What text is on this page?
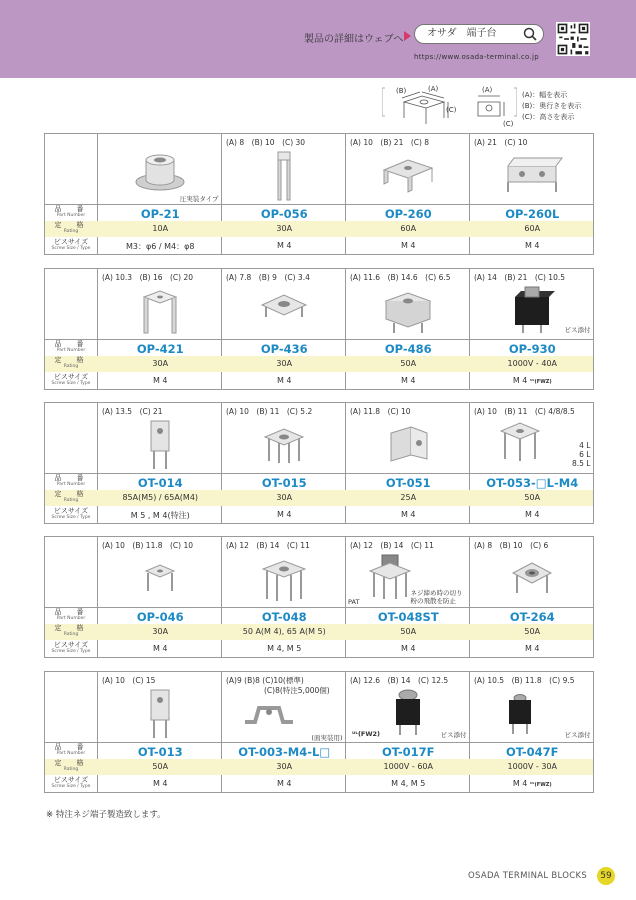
製品の詳細はウェブへ
オサダ　端子台
https://www.osada-terminal.co.jp
(B)	(A)
(C)
(A)
(C)
(A)：幅を表示
(B)：奥行きを表示
(C)：高さを表示
圧実装タイプ
(A) 8　(B) 10　(C) 30	(A) 10　(B) 21　(C) 8	(A) 21　(C) 10
品　番
Part Number	OP-21	OP-056	OP-260	OP-260L
定　格
Rating	10A	30A	60A	60A
ビスサイズ
Screw Size / Type	M3：φ6 / M4：φ8	M 4	M 4	M 4
(A) 10.3　(B) 16　(C) 20	(A) 7.8　(B) 9　(C) 3.4	(A) 11.6　(B) 14.6　(C) 6.5	(A) 14　(B) 21　(C) 10.5
ビス添付
品　番
Part Number	OP-421	OP-436	OP-486	OP-930
定　格
Rating	30A	30A	50A	1000V - 40A
ビスサイズ
Screw Size / Type	M 4	M 4	M 4	M 4 ᵁᴸ(FWZ)
(A) 13.5　(C) 21	(A) 10　(B) 11　(C) 5.2	(A) 11.8　(C) 10	(A) 10　(B) 11　(C) 4/8/8.5
4 L
6 L
8.5 L
品　番
Part Number	OT-014	OT-015	OT-051	OT-053-□L-M4
定　格
Rating	85A(M5) / 65A(M4)	30A	25A	50A
ビスサイズ
Screw Size / Type	M 5 , M 4(特注)	M 4	M 4	M 4
(A) 10　(B) 11.8　(C) 10	(A) 12　(B) 14　(C) 11	(A) 12　(B) 14　(C) 11
PAT
ネジ締め時の切り粉の飛散を防止
(A) 8　(B) 10　(C) 6
品　番
Part Number	OP-046	OT-048	OT-048ST	OT-264
定　格
Rating	30A	50 A(M 4), 65 A(M 5)	50A	50A
ビスサイズ
Screw Size / Type	M 4	M 4, M 5	M 4	M 4
(A) 10　(C) 15	(A)9 (B)8 (C)10(標準)
(C)8(特注5,000個)
(面実装用)
(A) 12.6　(B) 14　(C) 12.5
ᵁᴸ(FW2)	ビス添付
(A) 10.5　(B) 11.8　(C) 9.5
ビス添付
品　番
Part Number	OT-013	OT-003-M4-L□	OT-017F	OT-047F
定　格
Rating	50A	30A	1000V - 60A	1000V - 30A
ビスサイズ
Screw Size / Type	M 4	M 4	M 4, M 5	M 4 ᵁᴸ(FWZ)
※ 特注ネジ端子製造致します。
OSADA TERMINAL BLOCKS	59
